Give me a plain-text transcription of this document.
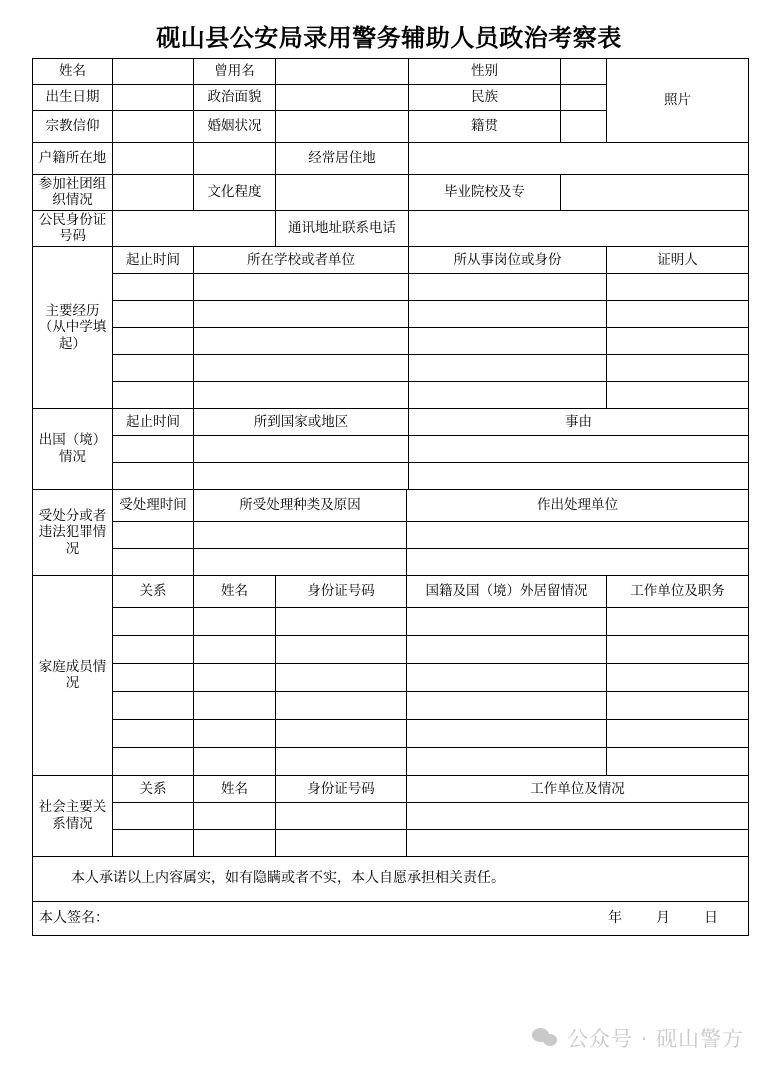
砚山县公安局录用警务辅助人员政治考察表
姓名		曾用名			性别		照片
出生日期		政治面貌			民族		
宗教信仰		婚姻状况			籍贯		
户籍所在地			经常居住地				
参加社团组织情况		文化程度			毕业院校及专		
公民身份证号码			通讯地址联系电话				
主要经历（从中学填起）	起止时间	所在学校或者单位			所从事岗位或身份		证明人

出国（境）情况	起止时间	所到国家或地区			事由		

受处分或者违法犯罪情况	受处理时间	所受处理种类及原因		作出处理单位			

家庭成员情况	关系	姓名	身份证号码	国籍及国（境）外居留情况			工作单位及职务

社会主要关系情况	关系	姓名	身份证号码	工作单位及情况			

本人承诺以上内容属实，如有隐瞒或者不实，本人自愿承担相关责任。							

本人签名： 年 月 日							
公众号 · 砚山警方
